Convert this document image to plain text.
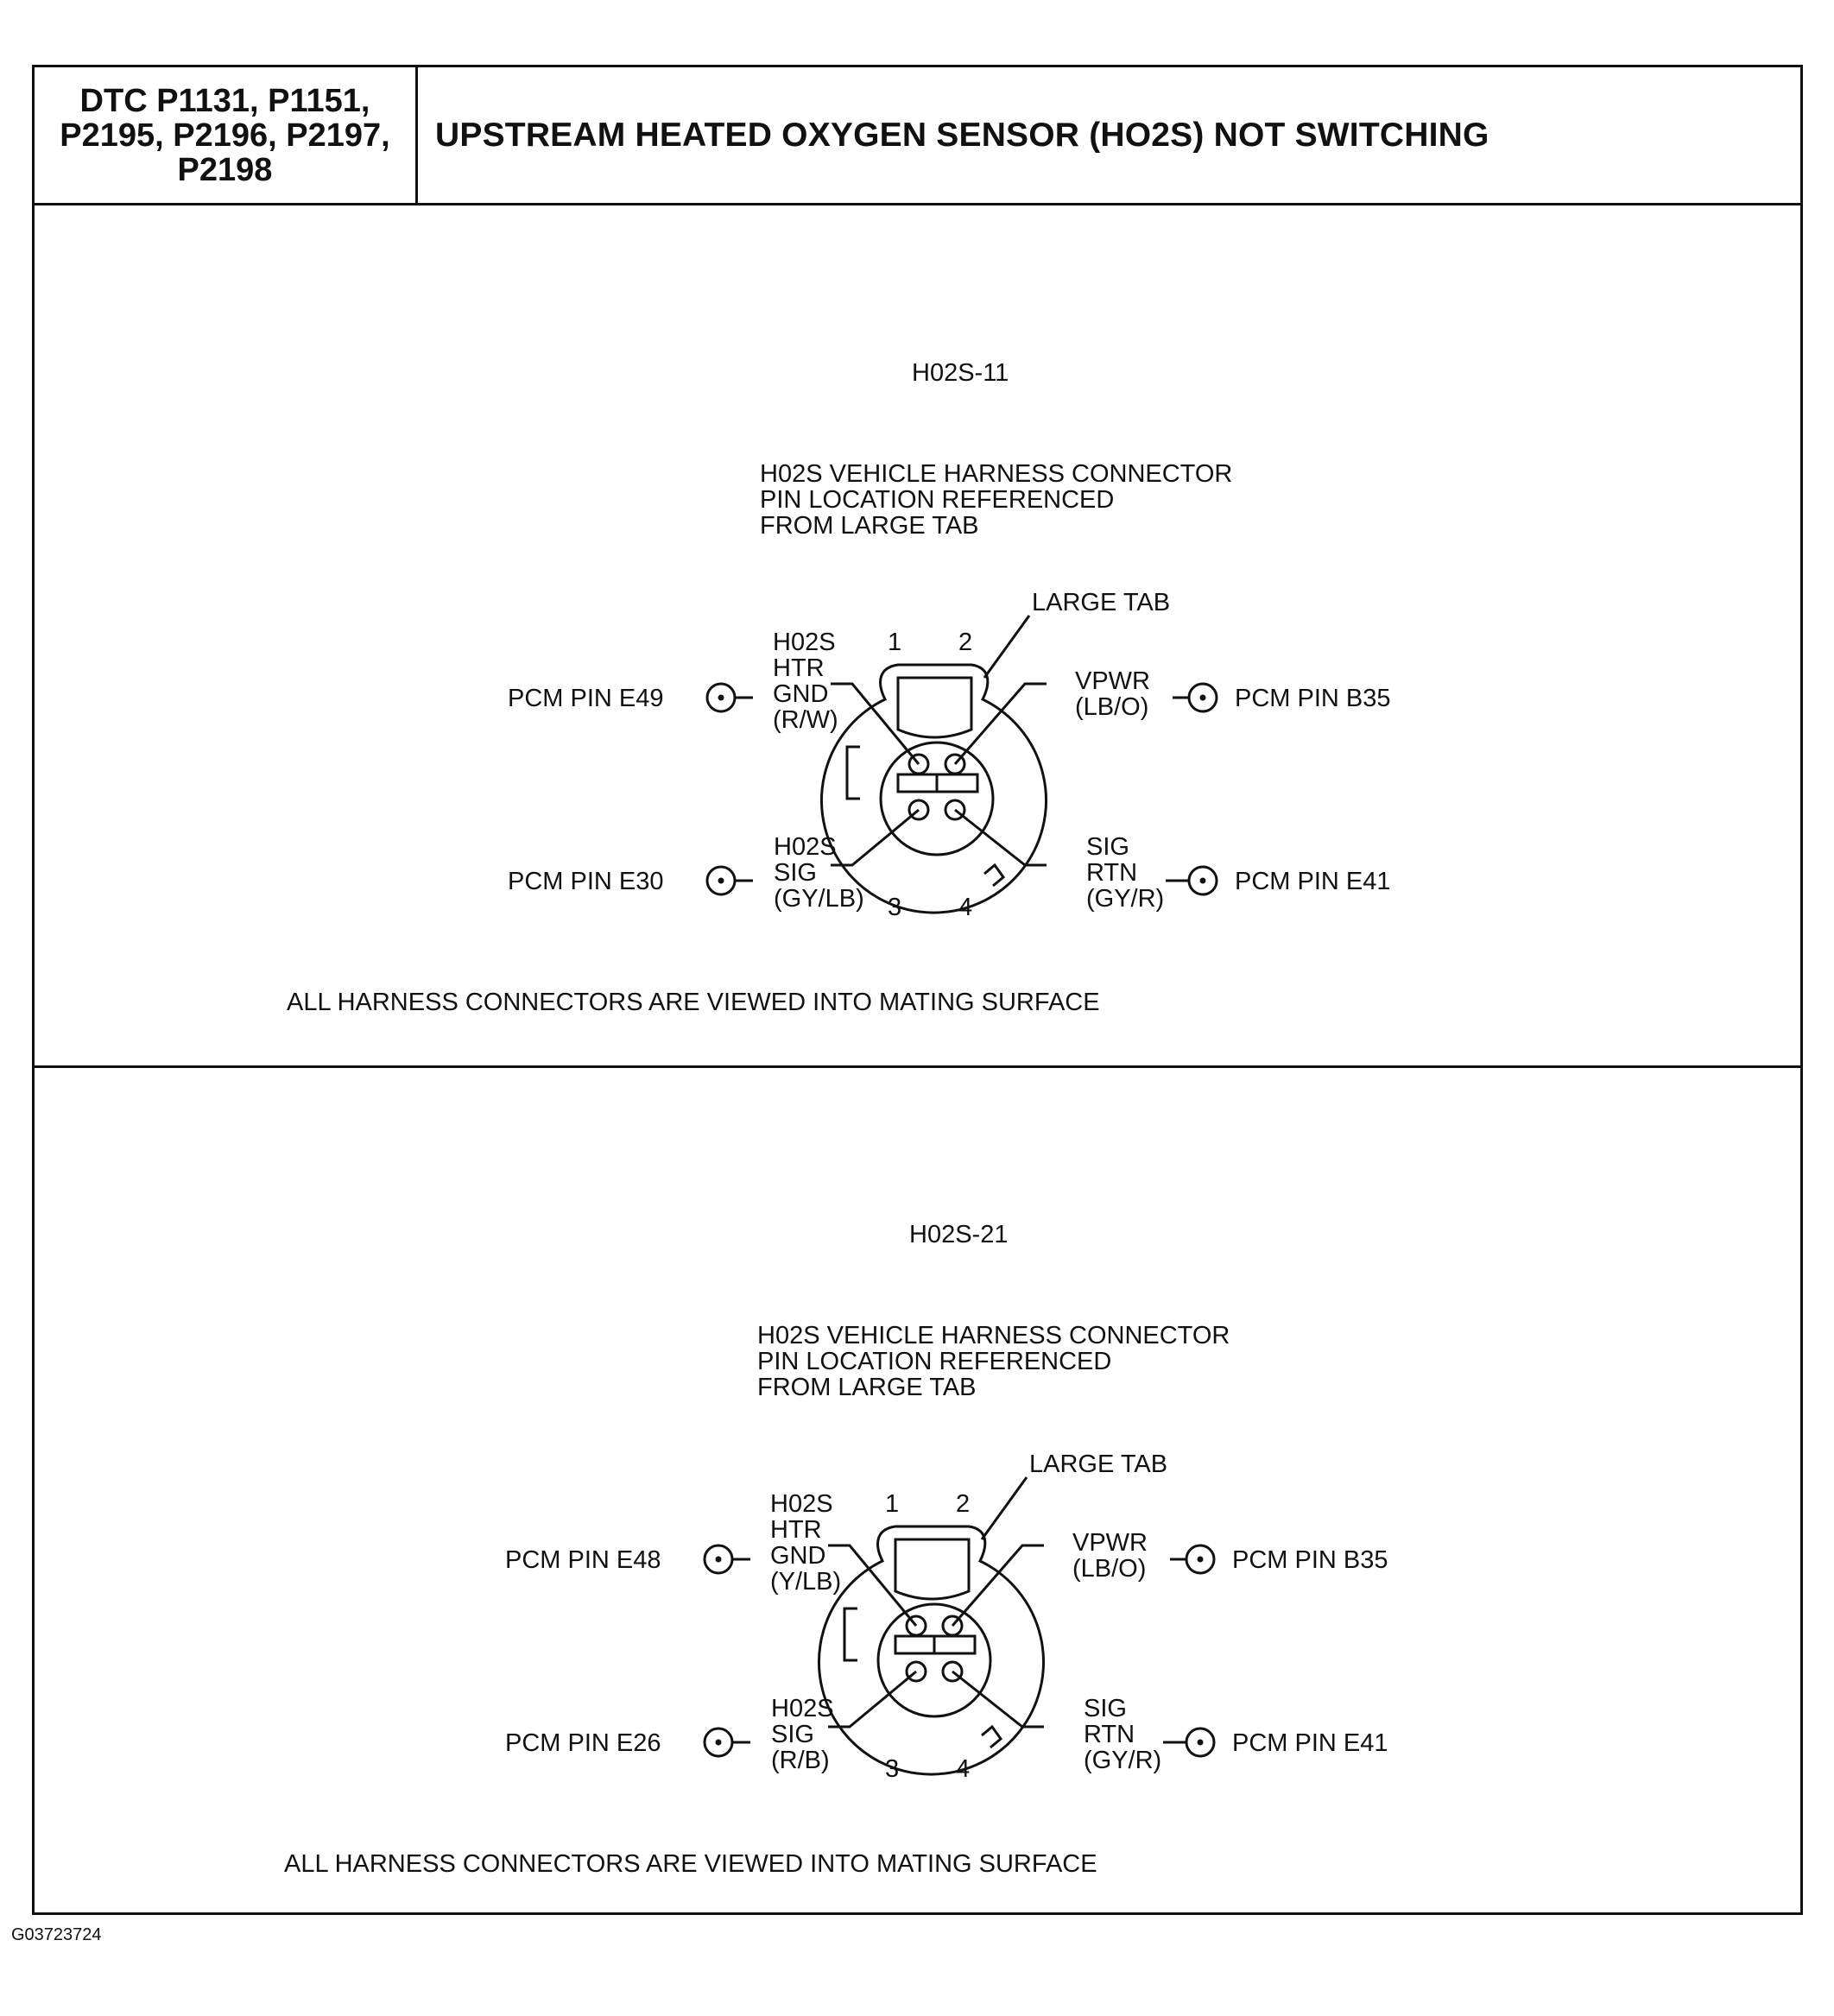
DTC P1131, P1151,
P2195, P2196, P2197,
P2198
UPSTREAM HEATED OXYGEN SENSOR (HO2S) NOT SWITCHING
H02S-11
H02S VEHICLE HARNESS CONNECTOR
PIN LOCATION REFERENCED
FROM LARGE TAB
LARGE TAB
1 2
3 4
H02S
HTR
GND
(R/W)
PCM PIN E49
VPWR
(LB/O)	PCM PIN B35
H02S
SIG
(GY/LB)
PCM PIN E30
SIG
RTN
(GY/R)
PCM PIN E41
ALL HARNESS CONNECTORS ARE VIEWED INTO MATING SURFACE
H02S-21
H02S VEHICLE HARNESS CONNECTOR
PIN LOCATION REFERENCED
FROM LARGE TAB
LARGE TAB
1 2
3 4
H02S
HTR
GND
(Y/LB)
PCM PIN E48
VPWR
(LB/O)	PCM PIN B35
H02S
SIG
(R/B)
PCM PIN E26
SIG
RTN
(GY/R)
PCM PIN E41
ALL HARNESS CONNECTORS ARE VIEWED INTO MATING SURFACE
G03723724
